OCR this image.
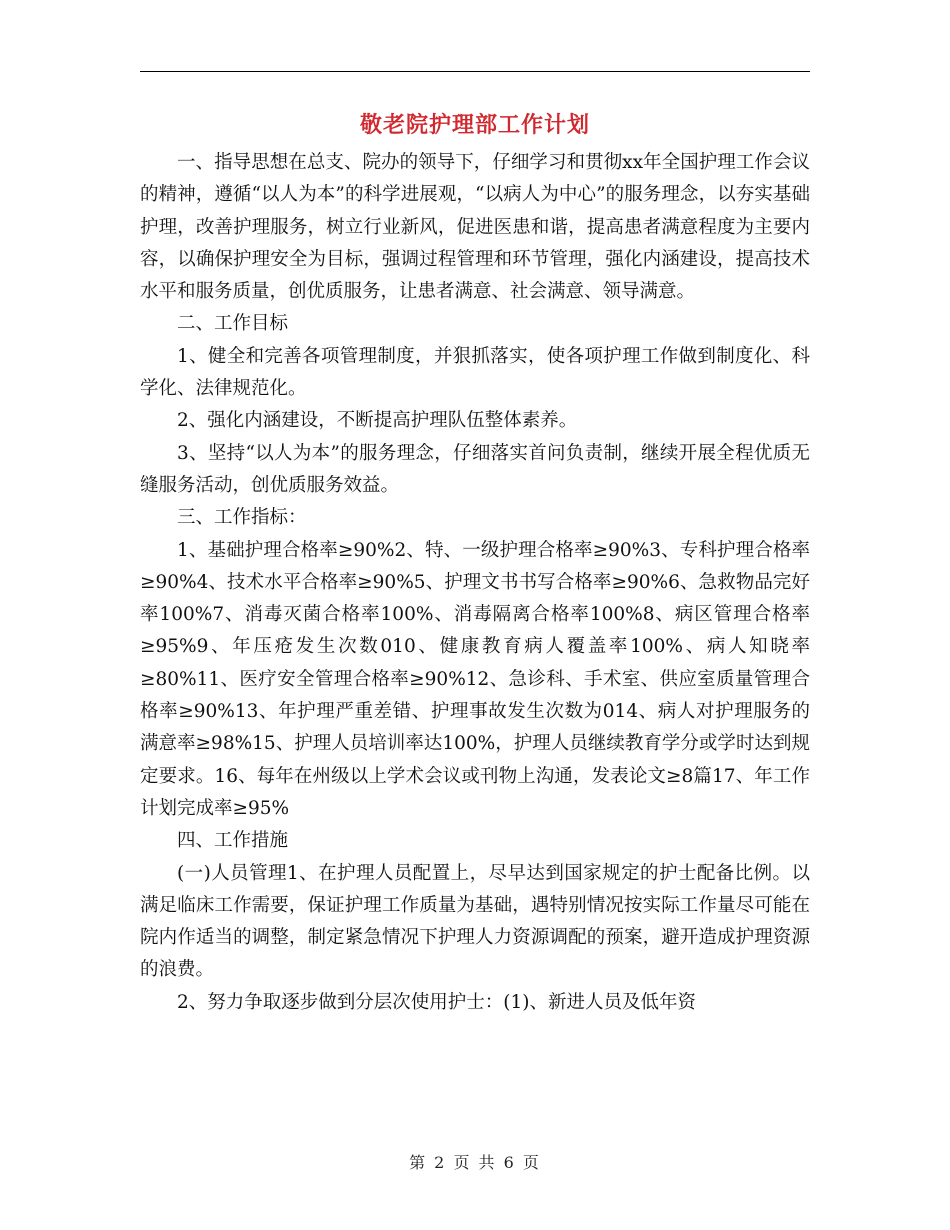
敬老院护理部工作计划

一、指导思想在总支、院办的领导下，仔细学习和贯彻xx年全国护理工作会议的精神，遵循“以人为本”的科学进展观，“以病人为中心”的服务理念，以夯实基础护理，改善护理服务，树立行业新风，促进医患和谐，提高患者满意程度为主要内容，以确保护理安全为目标，强调过程管理和环节管理，强化内涵建设，提高技术水平和服务质量，创优质服务，让患者满意、社会满意、领导满意。

二、工作目标

1、健全和完善各项管理制度，并狠抓落实，使各项护理工作做到制度化、科学化、法律规范化。

2、强化内涵建设，不断提高护理队伍整体素养。

3、坚持“以人为本”的服务理念，仔细落实首问负责制，继续开展全程优质无缝服务活动，创优质服务效益。

三、工作指标：

1、基础护理合格率≥90%2、特、一级护理合格率≥90%3、专科护理合格率≥90%4、技术水平合格率≥90%5、护理文书书写合格率≥90%6、急救物品完好率100%7、消毒灭菌合格率100%、消毒隔离合格率100%8、病区管理合格率≥95%9、年压疮发生次数010、健康教育病人覆盖率100%、病人知晓率≥80%11、医疗安全管理合格率≥90%12、急诊科、手术室、供应室质量管理合格率≥90%13、年护理严重差错、护理事故发生次数为014、病人对护理服务的满意率≥98%15、护理人员培训率达100%，护理人员继续教育学分或学时达到规定要求。16、每年在州级以上学术会议或刊物上沟通，发表论文≥8篇17、年工作计划完成率≥95%

四、工作措施

(一)人员管理1、在护理人员配置上，尽早达到国家规定的护士配备比例。以满足临床工作需要，保证护理工作质量为基础，遇特别情况按实际工作量尽可能在院内作适当的调整，制定紧急情况下护理人力资源调配的预案，避开造成护理资源的浪费。

2、努力争取逐步做到分层次使用护士：(1)、新进人员及低年资

第 2 页 共 6 页
